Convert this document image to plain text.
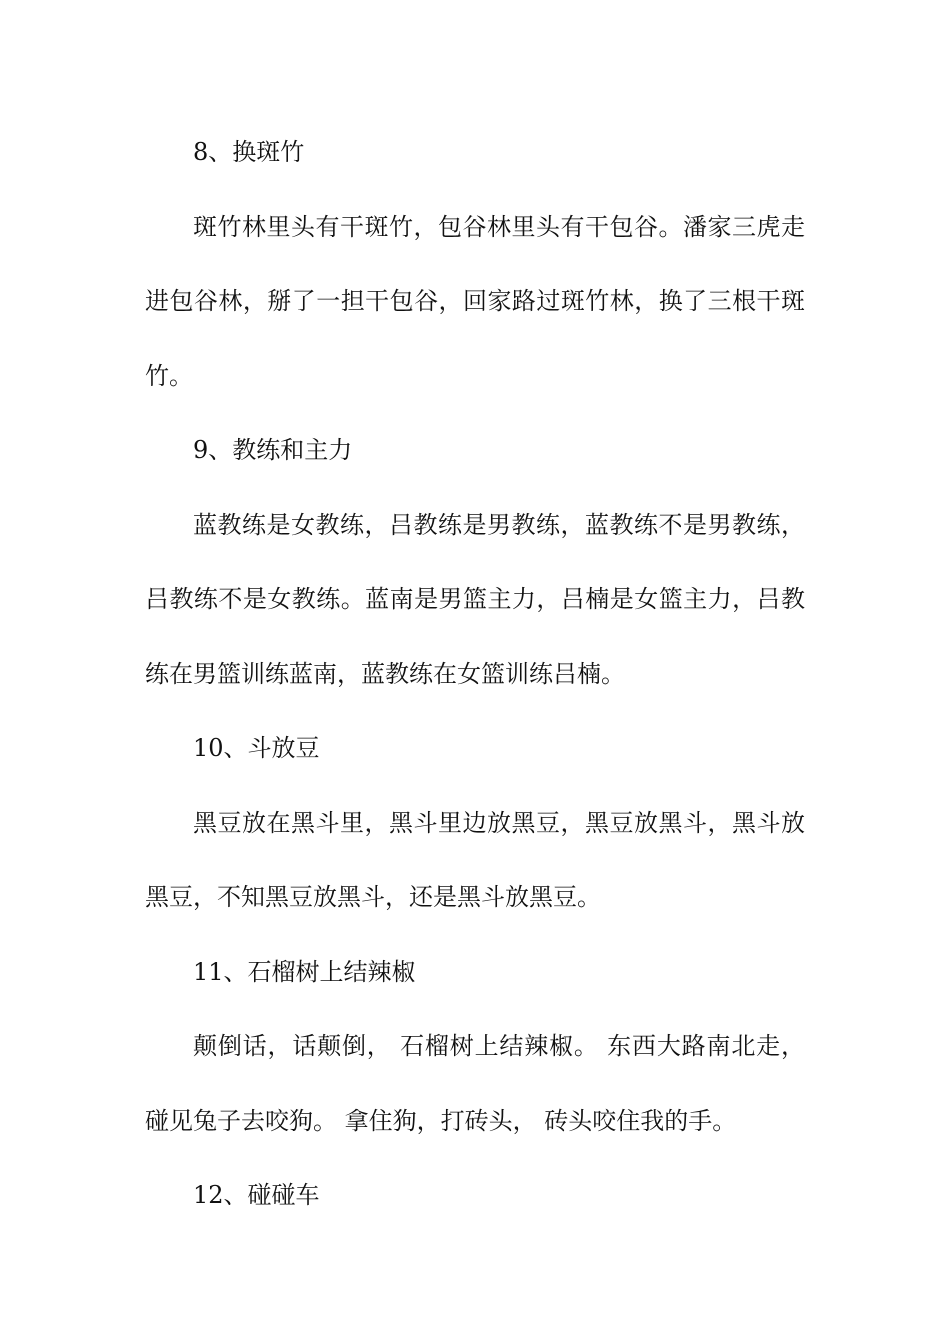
8、换斑竹
斑竹林里头有干斑竹，包谷林里头有干包谷。潘家三虎走
进包谷林，掰了一担干包谷，回家路过斑竹林，换了三根干斑
竹。
9、教练和主力
蓝教练是女教练，吕教练是男教练，蓝教练不是男教练，
吕教练不是女教练。蓝南是男篮主力，吕楠是女篮主力，吕教
练在男篮训练蓝南，蓝教练在女篮训练吕楠。
10、斗放豆
黑豆放在黑斗里，黑斗里边放黑豆，黑豆放黑斗，黑斗放
黑豆，不知黑豆放黑斗，还是黑斗放黑豆。
11、石榴树上结辣椒
颠倒话，话颠倒， 石榴树上结辣椒。 东西大路南北走，
碰见兔子去咬狗。 拿住狗，打砖头， 砖头咬住我的手。
12、碰碰车
